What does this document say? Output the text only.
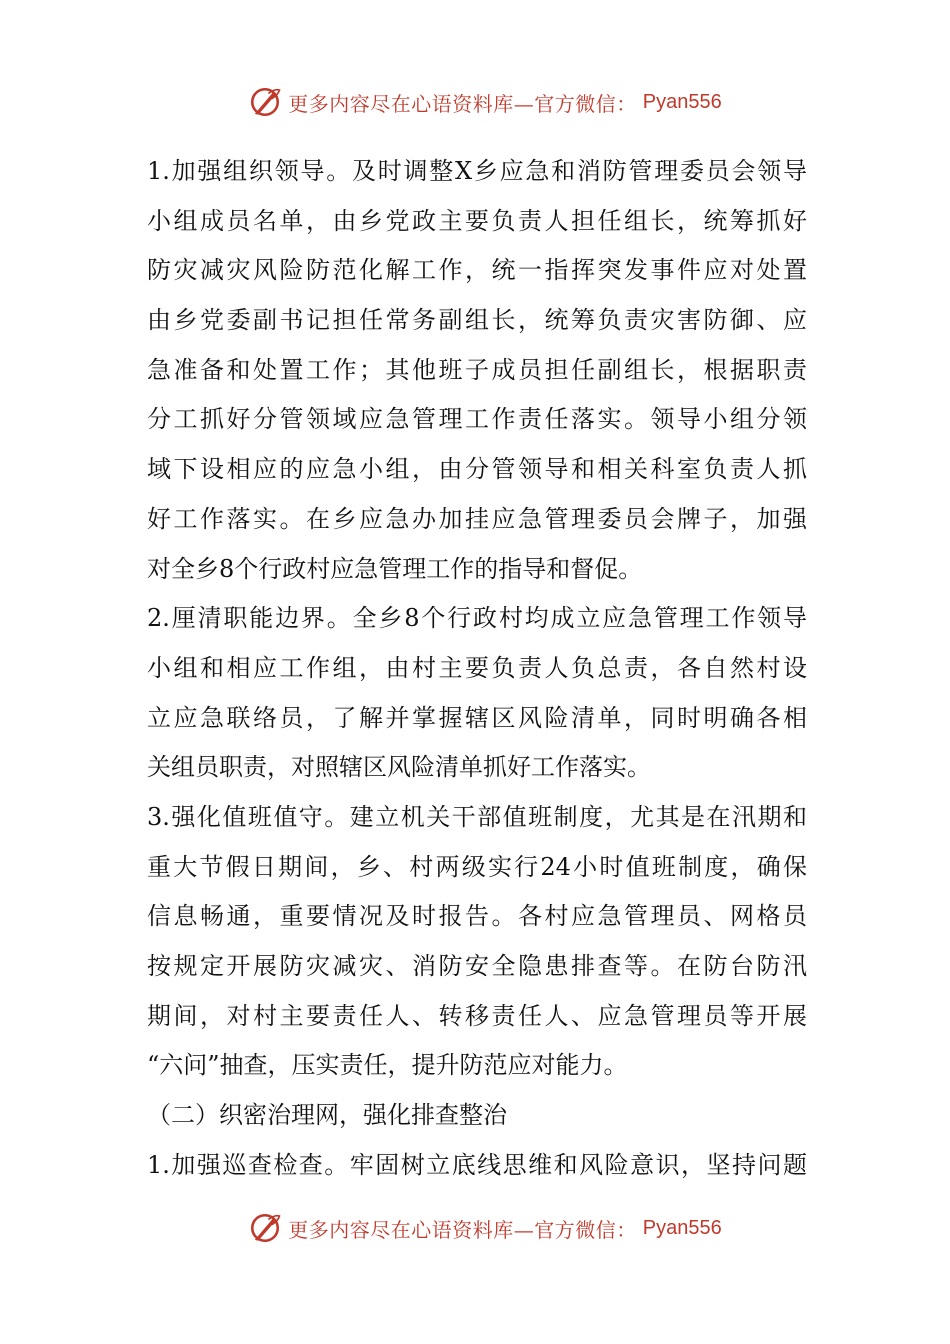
更多内容尽在心语资料库—官方微信： Pyan556
1.加强组织领导。及时调整X乡应急和消防管理委员会领导
小组成员名单，由乡党政主要负责人担任组长，统筹抓好
防灾减灾风险防范化解工作，统一指挥突发事件应对处置
由乡党委副书记担任常务副组长，统筹负责灾害防御、应
急准备和处置工作；其他班子成员担任副组长，根据职责
分工抓好分管领域应急管理工作责任落实。领导小组分领
域下设相应的应急小组，由分管领导和相关科室负责人抓
好工作落实。在乡应急办加挂应急管理委员会牌子，加强
对全乡8个行政村应急管理工作的指导和督促。
2.厘清职能边界。全乡8个行政村均成立应急管理工作领导
小组和相应工作组，由村主要负责人负总责，各自然村设
立应急联络员，了解并掌握辖区风险清单，同时明确各相
关组员职责，对照辖区风险清单抓好工作落实。
3.强化值班值守。建立机关干部值班制度，尤其是在汛期和
重大节假日期间，乡、村两级实行24小时值班制度，确保
信息畅通，重要情况及时报告。各村应急管理员、网格员
按规定开展防灾减灾、消防安全隐患排查等。在防台防汛
期间，对村主要责任人、转移责任人、应急管理员等开展
“六问”抽查，压实责任，提升防范应对能力。
（二）织密治理网，强化排查整治
1.加强巡查检查。牢固树立底线思维和风险意识，坚持问题
更多内容尽在心语资料库—官方微信： Pyan556
